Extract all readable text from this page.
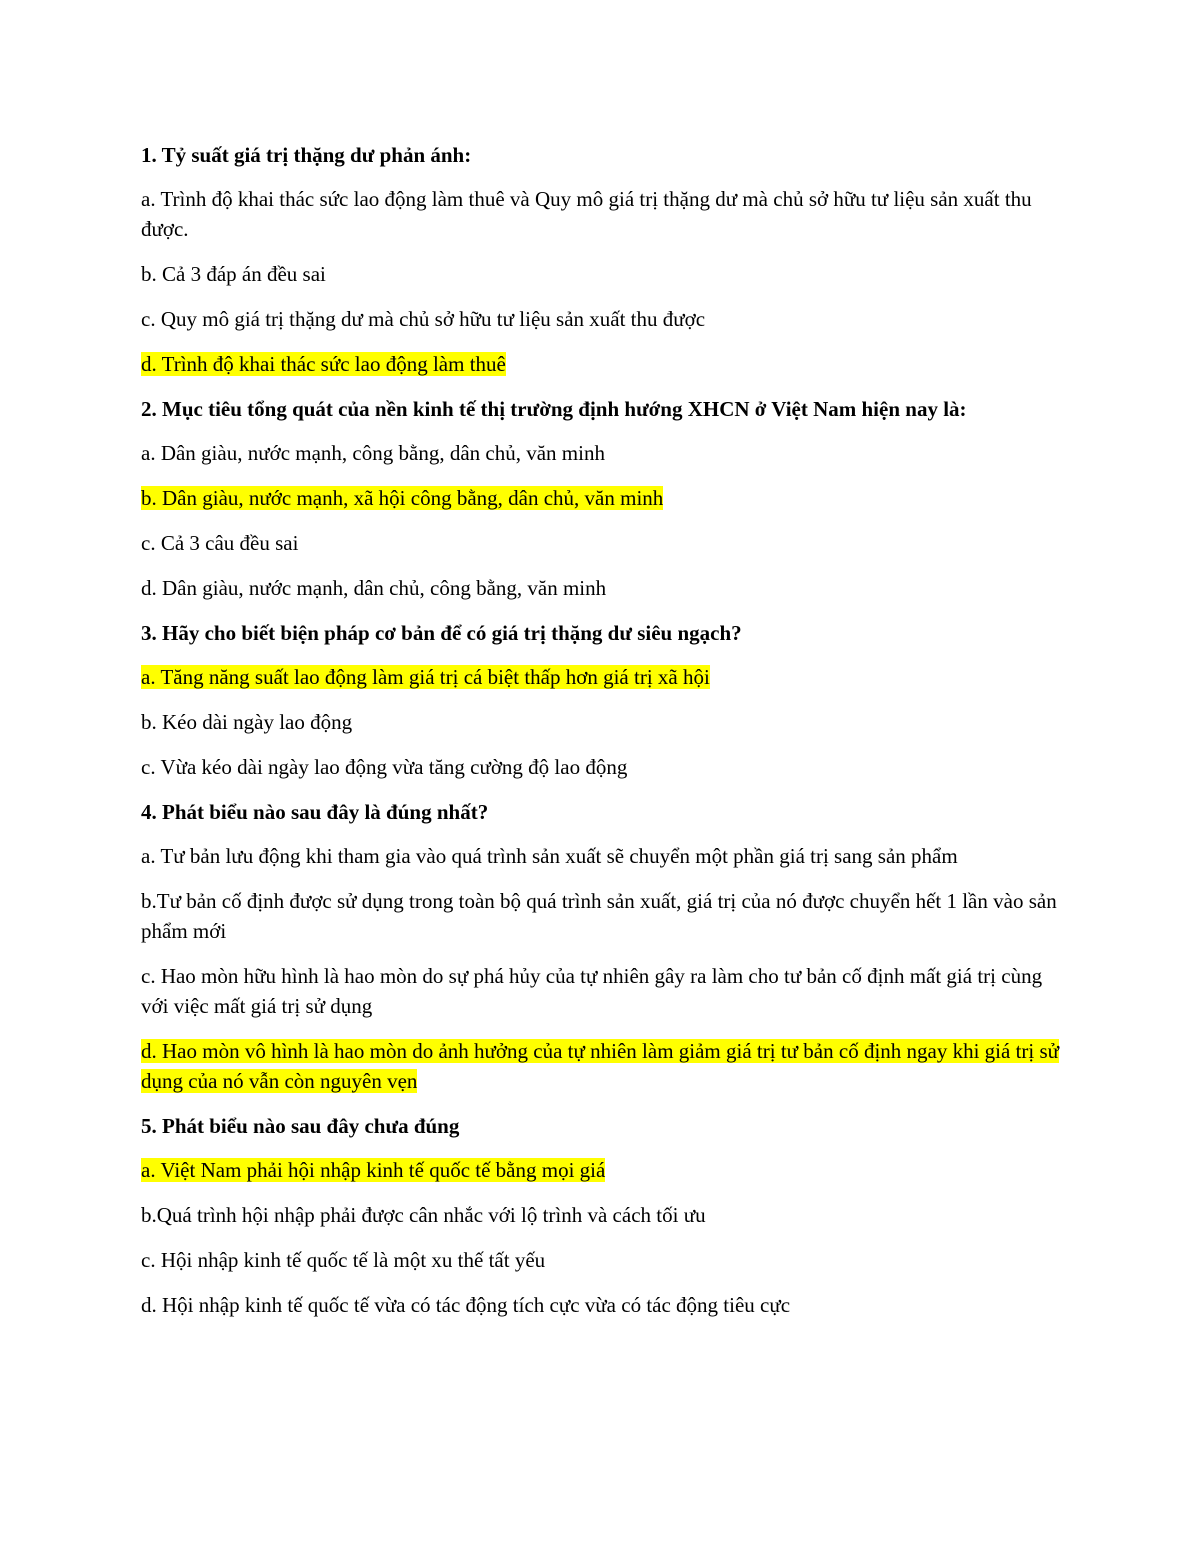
1. Tỷ suất giá trị thặng dư phản ánh:

a. Trình độ khai thác sức lao động làm thuê và Quy mô giá trị thặng dư mà chủ sở hữu tư liệu sản xuất thu được.

b. Cả 3 đáp án đều sai

c. Quy mô giá trị thặng dư mà chủ sở hữu tư liệu sản xuất thu được

d. Trình độ khai thác sức lao động làm thuê

2. Mục tiêu tổng quát của nền kinh tế thị trường định hướng XHCN ở Việt Nam hiện nay là:

a. Dân giàu, nước mạnh, công bằng, dân chủ, văn minh

b. Dân giàu, nước mạnh, xã hội công bằng, dân chủ, văn minh

c. Cả 3 câu đều sai

d. Dân giàu, nước mạnh, dân chủ, công bằng, văn minh

3. Hãy cho biết biện pháp cơ bản để có giá trị thặng dư siêu ngạch?

a. Tăng năng suất lao động làm giá trị cá biệt thấp hơn giá trị xã hội

b. Kéo dài ngày lao động

c. Vừa kéo dài ngày lao động vừa tăng cường độ lao động

4. Phát biểu nào sau đây là đúng nhất?

a. Tư bản lưu động khi tham gia vào quá trình sản xuất sẽ chuyển một phần giá trị sang sản phẩm

b.Tư bản cố định được sử dụng trong toàn bộ quá trình sản xuất, giá trị của nó được chuyển hết 1 lần vào sản phẩm mới

c. Hao mòn hữu hình là hao mòn do sự phá hủy của tự nhiên gây ra làm cho tư bản cố định mất giá trị cùng với việc mất giá trị sử dụng

d. Hao mòn vô hình là hao mòn do ảnh hưởng của tự nhiên làm giảm giá trị tư bản cố định ngay khi giá trị sử dụng của nó vẫn còn nguyên vẹn

5. Phát biểu nào sau đây chưa đúng

a. Việt Nam phải hội nhập kinh tế quốc tế bằng mọi giá

b.Quá trình hội nhập phải được cân nhắc với lộ trình và cách tối ưu

c. Hội nhập kinh tế quốc tế là một xu thế tất yếu

d. Hội nhập kinh tế quốc tế vừa có tác động tích cực vừa có tác động tiêu cực
